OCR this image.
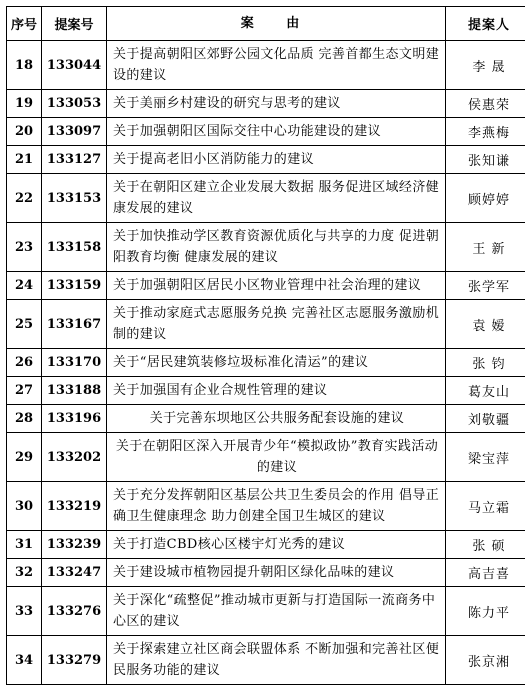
序号	提案号	案 由	提案人
18	133044	关于提高朝阳区郊野公园文化品质 完善首都生态文明建设的建议	李 晟
19	133053	关于美丽乡村建设的研究与思考的建议	侯惠荣
20	133097	关于加强朝阳区国际交往中心功能建设的建议	李燕梅
21	133127	关于提高老旧小区消防能力的建议	张知谦
22	133153	关于在朝阳区建立企业发展大数据 服务促进区域经济健康发展的建议	顾婷婷
23	133158	关于加快推动学区教育资源优质化与共享的力度 促进朝阳教育均衡 健康发展的建议	王 新
24	133159	关于加强朝阳区居民小区物业管理中社会治理的建议	张学军
25	133167	关于推动家庭式志愿服务兑换 完善社区志愿服务激励机制的建议	袁 嫒
26	133170	关于“居民建筑装修垃圾标准化清运”的建议	张 钧
27	133188	关于加强国有企业合规性管理的建议	葛友山
28	133196	关于完善东坝地区公共服务配套设施的建议	刘敬疆
29	133202	关于在朝阳区深入开展青少年“模拟政协”教育实践活动的建议	梁宝萍
30	133219	关于充分发挥朝阳区基层公共卫生委员会的作用 倡导正确卫生健康理念 助力创建全国卫生城区的建议	马立霜
31	133239	关于打造CBD核心区楼宇灯光秀的建议	张 硕
32	133247	关于建设城市植物园提升朝阳区绿化品味的建议	高吉喜
33	133276	关于深化“疏整促”推动城市更新与打造国际一流商务中心区的建议	陈力平
34	133279	关于探索建立社区商会联盟体系 不断加强和完善社区便民服务功能的建议	张京湘
